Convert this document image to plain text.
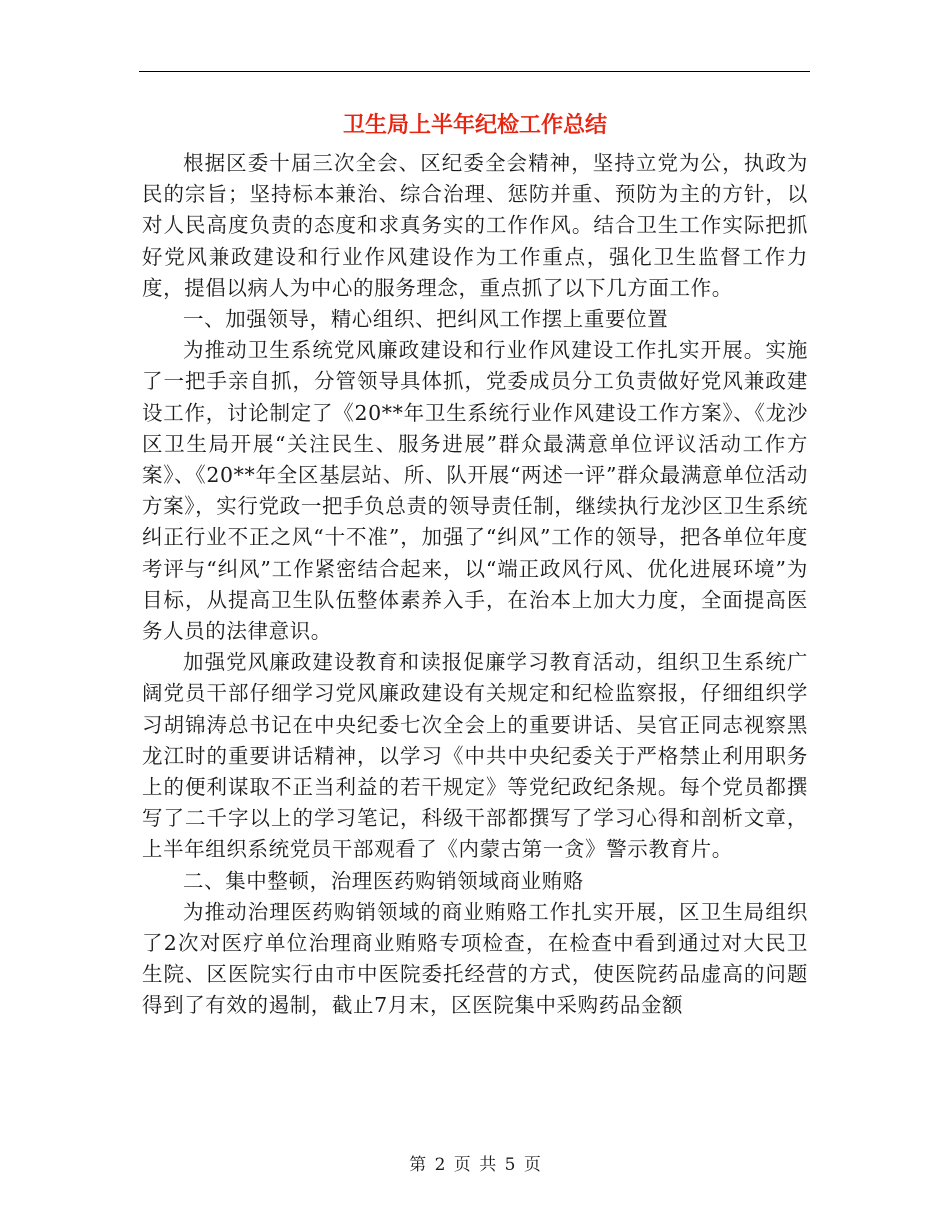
卫生局上半年纪检工作总结

根据区委十届三次全会、区纪委全会精神，坚持立党为公，执政为民的宗旨；坚持标本兼治、综合治理、惩防并重、预防为主的方针，以对人民高度负责的态度和求真务实的工作作风。结合卫生工作实际把抓好党风兼政建设和行业作风建设作为工作重点，强化卫生监督工作力度，提倡以病人为中心的服务理念，重点抓了以下几方面工作。

一、加强领导，精心组织、把纠风工作摆上重要位置

为推动卫生系统党风廉政建设和行业作风建设工作扎实开展。实施了一把手亲自抓，分管领导具体抓，党委成员分工负责做好党风兼政建设工作，讨论制定了《20**年卫生系统行业作风建设工作方案》、《龙沙区卫生局开展“关注民生、服务进展”群众最满意单位评议活动工作方案》、《20**年全区基层站、所、队开展“两述一评”群众最满意单位活动方案》，实行党政一把手负总责的领导责任制，继续执行龙沙区卫生系统纠正行业不正之风“十不准”，加强了“纠风”工作的领导，把各单位年度考评与“纠风”工作紧密结合起来，以“端正政风行风、优化进展环境”为目标，从提高卫生队伍整体素养入手，在治本上加大力度，全面提高医务人员的法律意识。

加强党风廉政建设教育和读报促廉学习教育活动，组织卫生系统广阔党员干部仔细学习党风廉政建设有关规定和纪检监察报，仔细组织学习胡锦涛总书记在中央纪委七次全会上的重要讲话、吴官正同志视察黑龙江时的重要讲话精神，以学习《中共中央纪委关于严格禁止利用职务上的便利谋取不正当利益的若干规定》等党纪政纪条规。每个党员都撰写了二千字以上的学习笔记，科级干部都撰写了学习心得和剖析文章，上半年组织系统党员干部观看了《内蒙古第一贪》警示教育片。

二、集中整顿，治理医药购销领域商业贿赂

为推动治理医药购销领域的商业贿赂工作扎实开展，区卫生局组织了2次对医疗单位治理商业贿赂专项检查，在检查中看到通过对大民卫生院、区医院实行由市中医院委托经营的方式，使医院药品虚高的问题得到了有效的遏制，截止7月末，区医院集中采购药品金额

第 2 页 共 5 页
